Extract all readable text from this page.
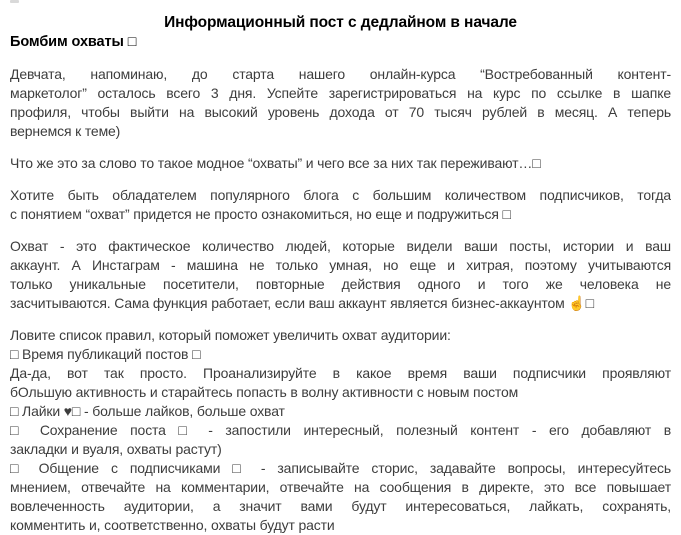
Информационный пост с дедлайном в начале

Бомбим охваты □

Девчата, напоминаю, до старта нашего онлайн-курса “Востребованный контент-
маркетолог” осталось всего 3 дня. Успейте зарегистрироваться на курс по ссылке в шапке
профиля, чтобы выйти на высокий уровень дохода от 70 тысяч рублей в месяц. А теперь
вернемся к теме)
Что же это за слово то такое модное “охваты” и чего все за них так переживают…□
Хотите быть обладателем популярного блога с большим количеством подписчиков, тогда
с понятием “охват” придется не просто ознакомиться, но еще и подружиться □
Охват - это фактическое количество людей, которые видели ваши посты, истории и ваш
аккаунт. А Инстаграм - машина не только умная, но еще и хитрая, поэтому учитываются
только уникальные посетители, повторные действия одного и того же человека не
засчитываются. Сама функция работает, если ваш аккаунт является бизнес-аккаунтом ☝□
Ловите список правил, который поможет увеличить охват аудитории:
□ Время публикаций постов □
Да-да, вот так просто. Проанализируйте в какое время ваши подписчики проявляют
бОльшую активность и старайтесь попасть в волну активности с новым постом
□ Лайки ♥□ - больше лайков, больше охват
□ Сохранение поста □ - запостили интересный, полезный контент - его добавляют в
закладки и вуаля, охваты растут)
□ Общение с подписчиками □ - записывайте сторис, задавайте вопросы, интересуйтесь
мнением, отвечайте на комментарии, отвечайте на сообщения в директе, это все повышает
вовлеченность аудитории, а значит вами будут интересоваться, лайкать, сохранять,
комментить и, соответственно, охваты будут расти
